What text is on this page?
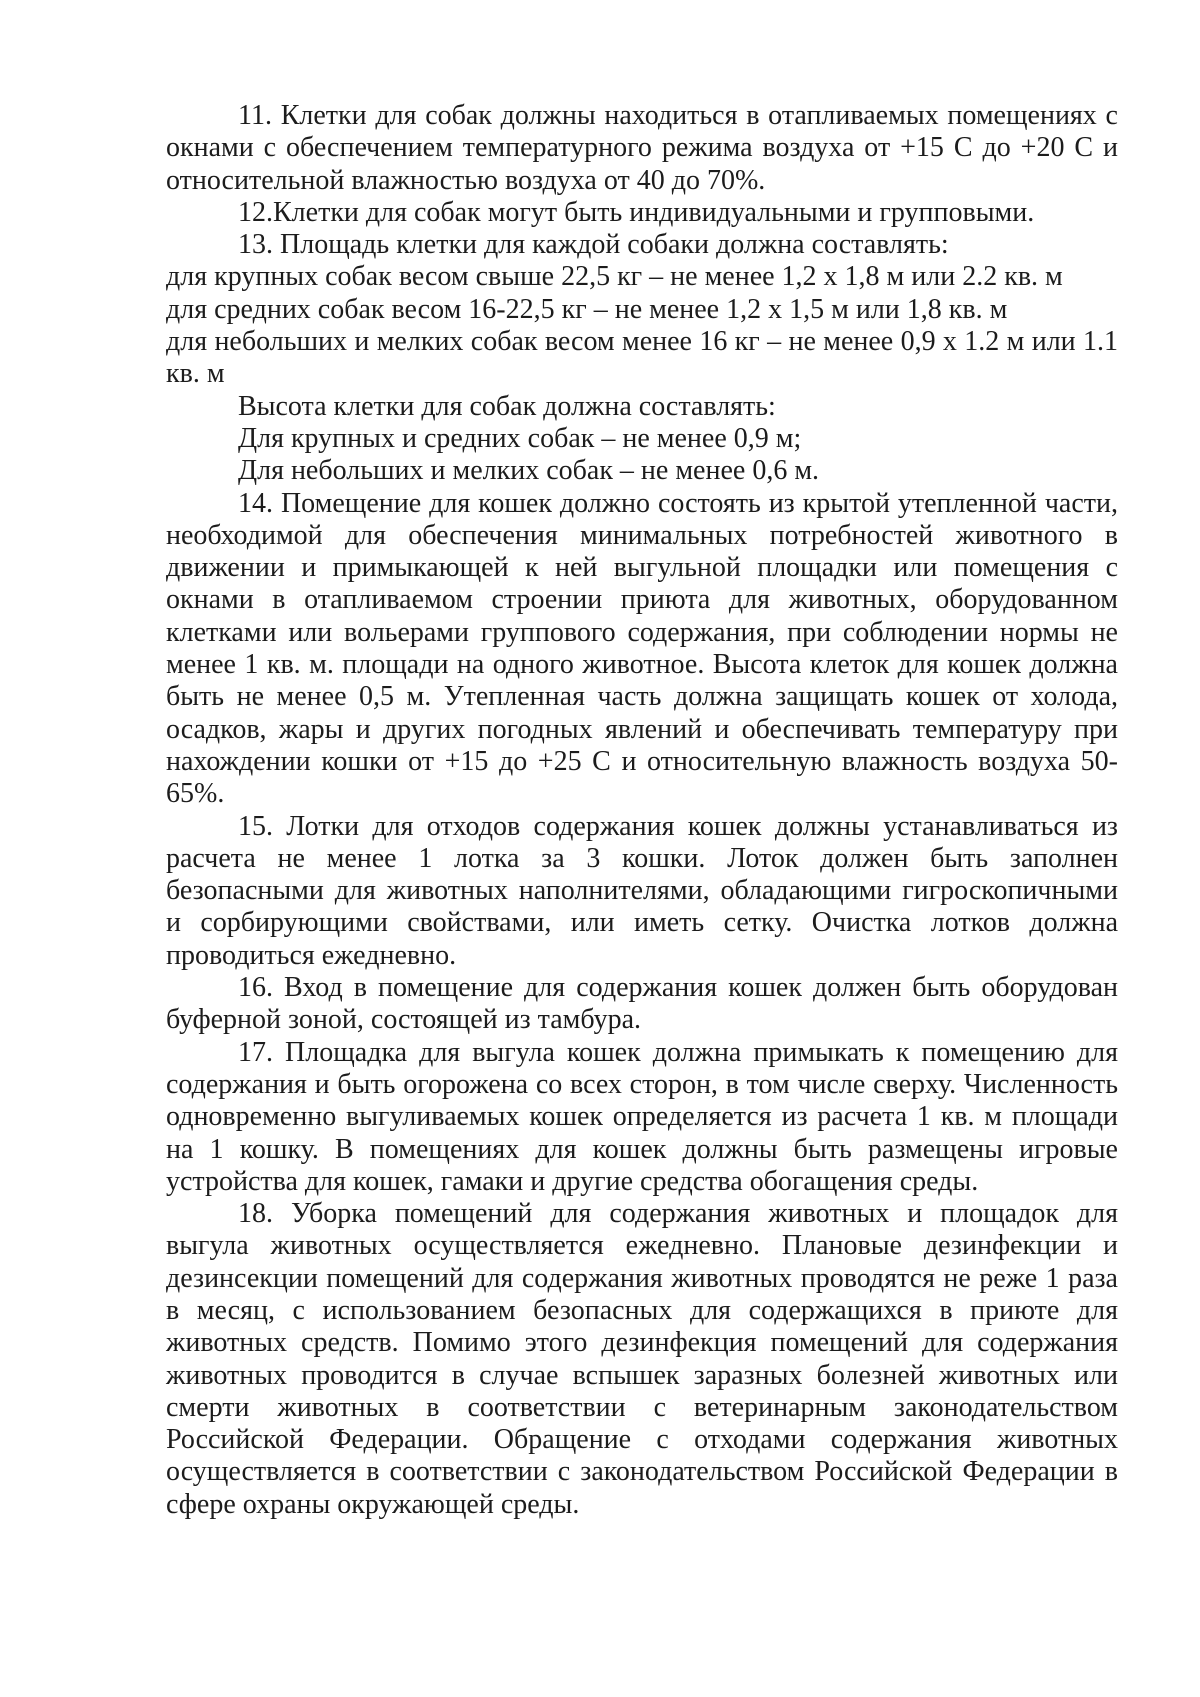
11. Клетки для собак должны находиться в отапливаемых помещениях с окнами с обеспечением температурного режима воздуха от +15 С до +20 С и относительной влажностью воздуха от 40 до 70%.

12.Клетки для собак могут быть индивидуальными и групповыми.

13. Площадь клетки для каждой собаки должна составлять:

для крупных собак весом свыше 22,5 кг – не менее 1,2 х 1,8 м или 2.2 кв. м

для средних собак весом 16-22,5 кг – не менее 1,2 х 1,5 м или 1,8 кв. м

для небольших и мелких собак весом менее 16 кг – не менее 0,9 х 1.2 м или 1.1 кв. м

Высота клетки для собак должна составлять:

Для крупных и средних собак – не менее 0,9 м;

Для небольших и мелких собак – не менее 0,6 м.

14. Помещение для кошек должно состоять из крытой утепленной части, необходимой для обеспечения минимальных потребностей животного в движении и примыкающей к ней выгульной площадки или помещения с окнами в отапливаемом строении приюта для животных, оборудованном клетками или вольерами группового содержания, при соблюдении нормы не менее 1 кв. м. площади на одного животное. Высота клеток для кошек должна быть не менее 0,5 м. Утепленная часть должна защищать кошек от холода, осадков, жары и других погодных явлений и обеспечивать температуру при нахождении кошки от +15 до +25 С и относительную влажность воздуха 50-65%.

15. Лотки для отходов содержания кошек должны устанавливаться из расчета не менее 1 лотка за 3 кошки. Лоток должен быть заполнен безопасными для животных наполнителями, обладающими гигроскопичными и сорбирующими свойствами, или иметь сетку. Очистка лотков должна проводиться ежедневно.

16. Вход в помещение для содержания кошек должен быть оборудован буферной зоной, состоящей из тамбура.

17. Площадка для выгула кошек должна примыкать к помещению для содержания и быть огорожена со всех сторон, в том числе сверху. Численность одновременно выгуливаемых кошек определяется из расчета 1 кв. м площади на 1 кошку. В помещениях для кошек должны быть размещены игровые устройства для кошек, гамаки и другие средства обогащения среды.

18. Уборка помещений для содержания животных и площадок для выгула животных осуществляется ежедневно. Плановые дезинфекции и дезинсекции помещений для содержания животных проводятся не реже 1 раза в месяц, с использованием безопасных для содержащихся в приюте для животных средств. Помимо этого дезинфекция помещений для содержания животных проводится в случае вспышек заразных болезней животных или смерти животных в соответствии с ветеринарным законодательством Российской Федерации. Обращение с отходами содержания животных осуществляется в соответствии с законодательством Российской Федерации в сфере охраны окружающей среды.
